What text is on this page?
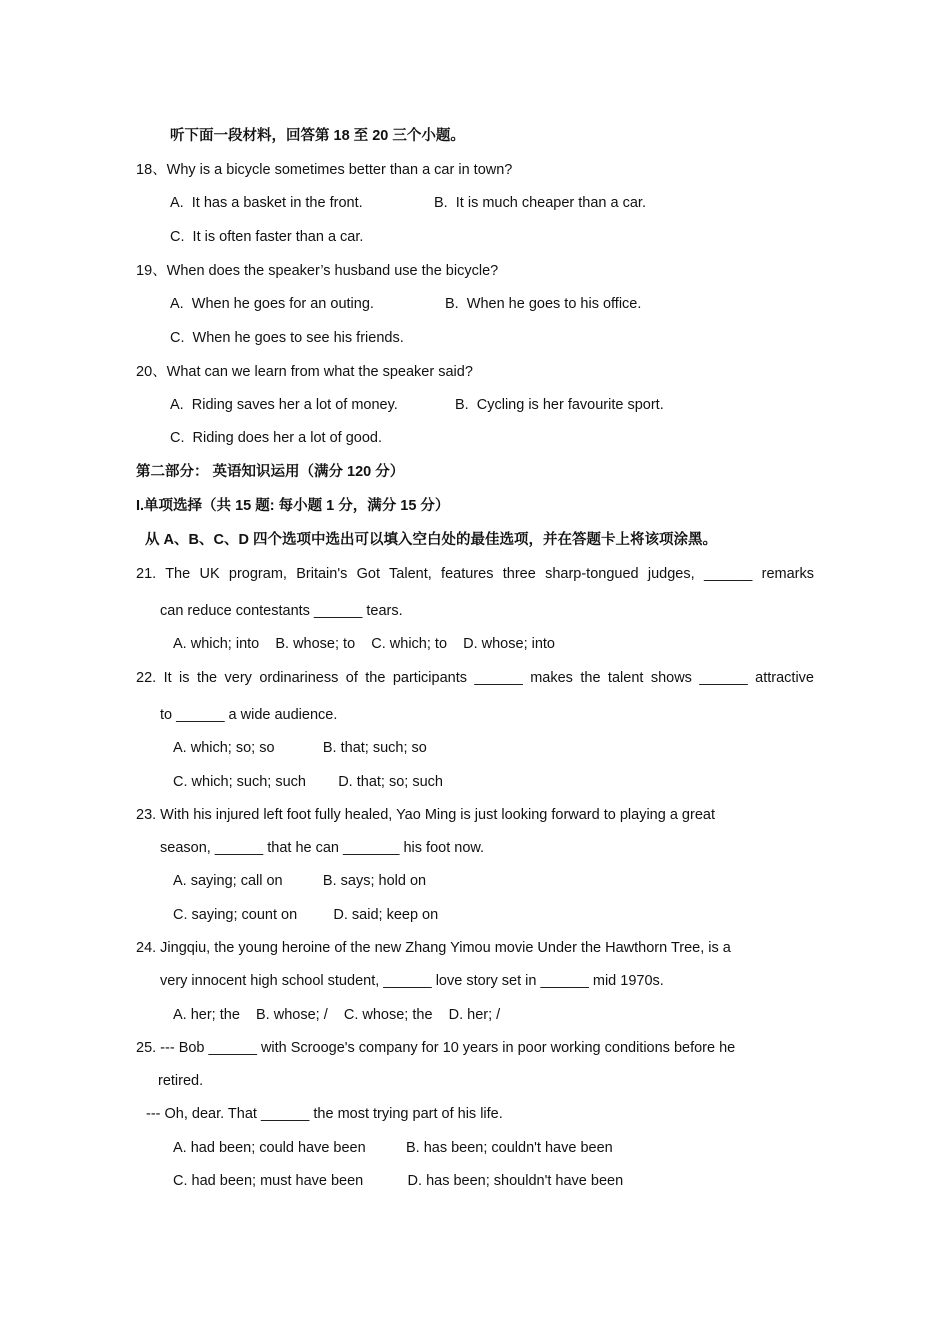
听下面一段材料，回答第 18 至 20 三个小题。
18、Why is a bicycle sometimes better than a car in town?
A.  It has a basket in the front.	B.  It is much cheaper than a car.
C.  It is often faster than a car.
19、When does the speaker’s husband use the bicycle?
A.  When he goes for an outing.	B.  When he goes to his office.
C.  When he goes to see his friends.
20、What can we learn from what the speaker said?
A.  Riding saves her a lot of money.	B.  Cycling is her favourite sport.
C.  Riding does her a lot of good.
第二部分： 英语知识运用（满分 120 分）
I.单项选择（共 15 题: 每小题 1 分，满分 15 分）
从 A、B、C、D 四个选项中选出可以填入空白处的最佳选项，并在答题卡上将该项涂黑。
21. The UK program, Britain's Got Talent, features three sharp-tongued judges, ______ remarks
can reduce contestants ______ tears.
A. which; into    B. whose; to    C. which; to    D. whose; into
22. It is the very ordinariness of the participants ______ makes the talent shows ______ attractive
to ______ a wide audience.
A. which; so; so            B. that; such; so
C. which; such; such        D. that; so; such
23. With his injured left foot fully healed, Yao Ming is just looking forward to playing a great
season, ______ that he can _______ his foot now.
A. saying; call on          B. says; hold on
C. saying; count on         D. said; keep on
24. Jingqiu, the young heroine of the new Zhang Yimou movie Under the Hawthorn Tree, is a
very innocent high school student, ______ love story set in ______ mid 1970s.
A. her; the    B. whose; /    C. whose; the    D. her; /
25. --- Bob ______ with Scrooge's company for 10 years in poor working conditions before he
retired.
--- Oh, dear. That ______ the most trying part of his life.
A. had been; could have been          B. has been; couldn't have been
C. had been; must have been           D. has been; shouldn't have been
